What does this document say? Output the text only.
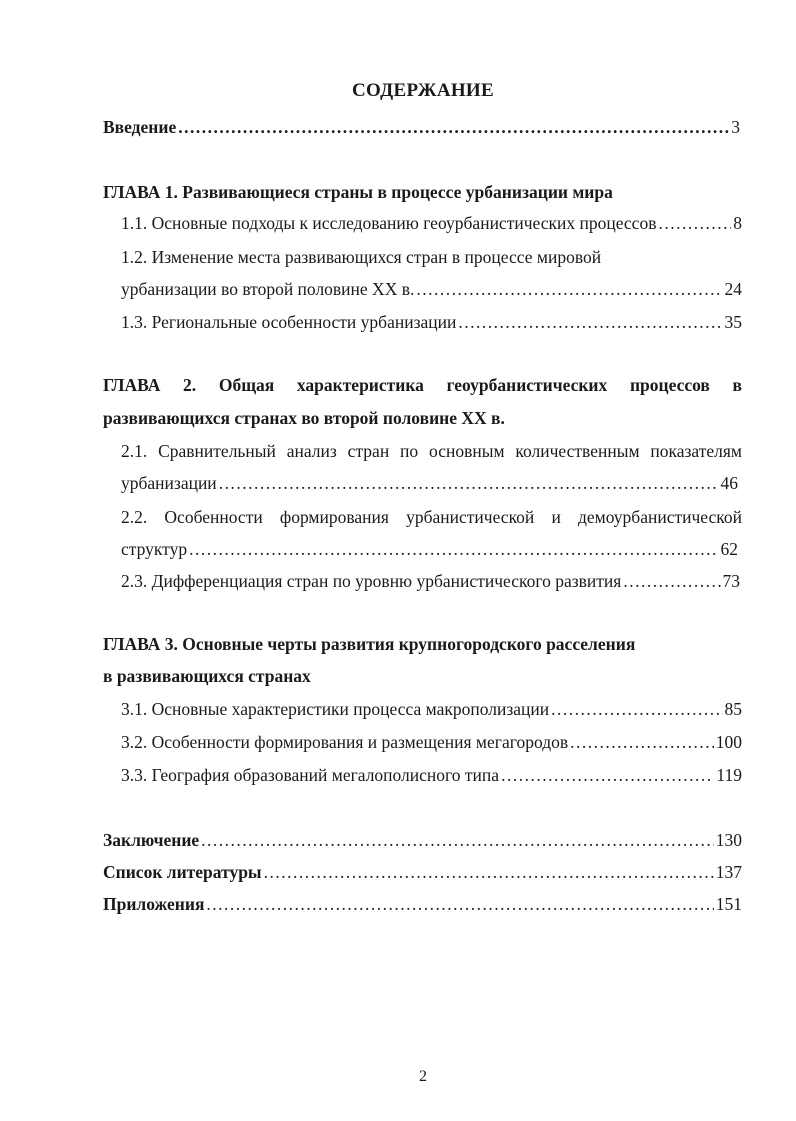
СОДЕРЖАНИЕ
Введение .....	3
ГЛАВА 1. Развивающиеся страны в процессе урбанизации мира
1.1. Основные подходы к исследованию геоурбанистических процессов .....	8
1.2. Изменение места развивающихся стран в процессе мировой
урбанизации во второй половине XX в. .....	24
1.3. Региональные особенности урбанизации .....	35
ГЛАВА 2. Общая характеристика геоурбанистических процессов в
развивающихся странах во второй половине XX в.
2.1. Сравнительный анализ стран по основным количественным показателям
урбанизации .....	46
2.2. Особенности формирования урбанистической и демоурбанистической
структур .....	62
2.3. Дифференциация стран по уровню урбанистического развития .....	73
ГЛАВА 3. Основные черты развития крупногородского расселения
в развивающихся странах
3.1. Основные характеристики процесса макрополизации .....	85
3.2. Особенности формирования и размещения мегагородов .....	100
3.3. География образований мегалополисного типа .....	119
Заключение .....	130
Список литературы .....	137
Приложения .....	151
2
